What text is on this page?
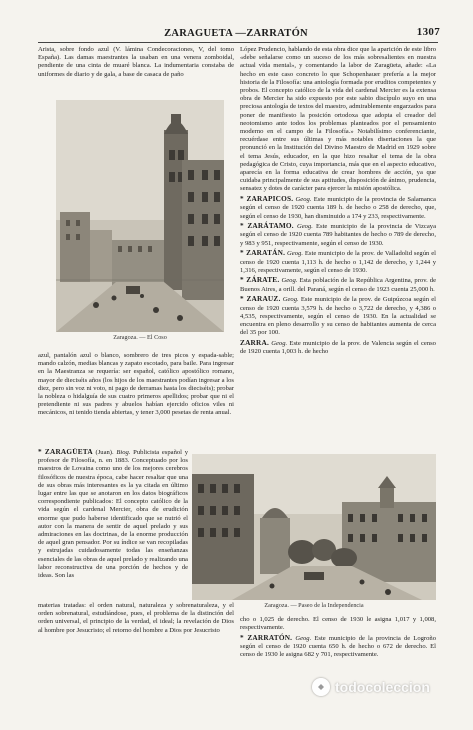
ZARAGUETA —ZARRATÓN	1307

Arista, sobre fondo azul (V. lámina Condecoraciones, V, del tomo España). Las damas maestrantes la usaban en una venera zomboidal, pendiente de una cinta de muaré blanca. La indumentaria constaba de uniformes de diario y de gala, a base de casaca de paño

Zaragoza. — El Coso

azul, pantalón azul o blanco, sombrero de tres picos y espada-sable; mando calzón, medias blancas y zapato escotado, para baile. Para ingresar en la Maestranza se requería: ser español, católico apostólico romano, mayor de dieciséis años (los hijos de los maestrantes podían ingresar a los diez, pero sin voz ni voto, ni pago de derramas hasta los dieciséis); probar la nobleza o hidalguía de sus cuatro primeros apellidos; probar que ni el pretendiente ni sus padres y abuelos habían ejercido oficios viles ni mecánicos, ni tenido tienda abiertas, y tener 3,000 pesetas de renta anual.

* ZARAGÜETA (Juan). Biog. Publicista español y profesor de Filosofía, n. en 1883. Conceptuado por los maestros de Lovaina como uno de los mejores cerebros filosóficos de nuestra época, cabe hacer resaltar que una de sus obras más interesantes es la ya citada en último lugar entre las que se anotaron en los datos biográficos correspondiente publicados: El concepto católico de la vida según el cardenal Mercier, obra de erudición enorme que pudo haberse identificado que se nutrió el autor con la manera de sentir de aquel prelado y sus admiraciones en las doctrinas, de la enorme producción de aquel gran pensador. Por su índice se van recopiladas y estrujadas cuidadosamente todas las enseñanzas esenciales de las obras de aquel prelado y realizando una labor reconstructiva de una porción de hechos y de ideas. Son las

materias tratadas: el orden natural, naturaleza y sobrenaturaleza, y el orden sobrenatural, estudiándose, pues, el problema de la distinción del orden universal, el principio de la verdad, el ideal; la revelación de Dios al hombre por Jesucristo; el retorno del hombre a Dios por Jesucristo

López Prudencio, hablando de esta obra dice que la aparición de este libro «debe señalarse como un suceso de los más sobresalientes en nuestra actual vida mental», y comentando la labor de Zaragüeta, añade: «La hecho en este caso concreto lo que Schopenhauer prefería a la mejor historia de la Filosofía: una antología formada por eruditos competentes y probos. El concepto católico de la vida del cardenal Mercier es la extensa obra de Mercier ha sido expuesto por este sabio discípulo suyo en una preciosa antología de textos del maestro, admirablemente engarzados para poner de manifiesto la posición ortodoxa que adopta el creador del neotomismo ante todos los problemas planteados por el pensamiento moderno en el campo de la Filosofía.» Notabilísimo conferenciante, recuérdase entre sus últimas y más notables disertaciones la que pronunció en la Institución del Divino Maestro de Madrid en 1929 sobre el tema Jesús, educador, en la que hizo resaltar el tema de la obra pedagógica de Cristo, cuya importancia, más que en el aspecto educativo, aparecía en la forma educativa de crear hombres de acción, ya que cuidaba principalmente de sus aptitudes, disposición de ánimo, prudencia, sensatez y dotes de carácter para ejercer la misión apostólica.

* ZARAPICOS. Geog. Este municipio de la provincia de Salamanca según el censo de 1920 cuenta 189 h. de hecho o 258 de derecho, que, según el censo de 1930, han disminuido a 174 y 233, respectivamente.

* ZARÁTAMO. Geog. Este municipio de la provincia de Vizcaya según el censo de 1920 cuenta 789 habitantes de hecho o 789 de derecho, y 983 y 951, respectivamente, según el censo de 1930.

* ZARATÁN. Geog. Este municipio de la prov. de Valladolid según el censo de 1920 cuenta 1,113 h. de hecho o 1,142 de derecho, y 1,244 y 1,316, respectivamente, según el censo de 1930.

* ZÁRATE. Geog. Esta población de la República Argentina, prov. de Buenos Aires, a orill. del Paraná, según el censo de 1923 cuenta 25,000 h.

* ZARAUZ. Geog. Este municipio de la prov. de Guipúzcoa según el censo de 1920 cuenta 3,579 h. de hecho o 3,722 de derecho, y 4,386 o 4,535, respectivamente, según el censo de 1930. En la actualidad se encuentra en pleno desarrollo y su censo de habitantes aumenta de cerca del 35 por 100.

ZARRA. Geog. Este municipio de la prov. de Valencia según el censo de 1920 cuenta 1,003 h. de hecho

Zaragoza. — Paseo de la Independencia

cho o 1,025 de derecho. El censo de 1930 le asigna 1,017 y 1,008, respectivamente.

* ZARRATÓN. Geog. Este municipio de la provincia de Logroño según el censo de 1920 cuenta 650 h. de hecho o 672 de derecho. El censo de 1930 le asigna 682 y 701, respectivamente.

todocoleccion
